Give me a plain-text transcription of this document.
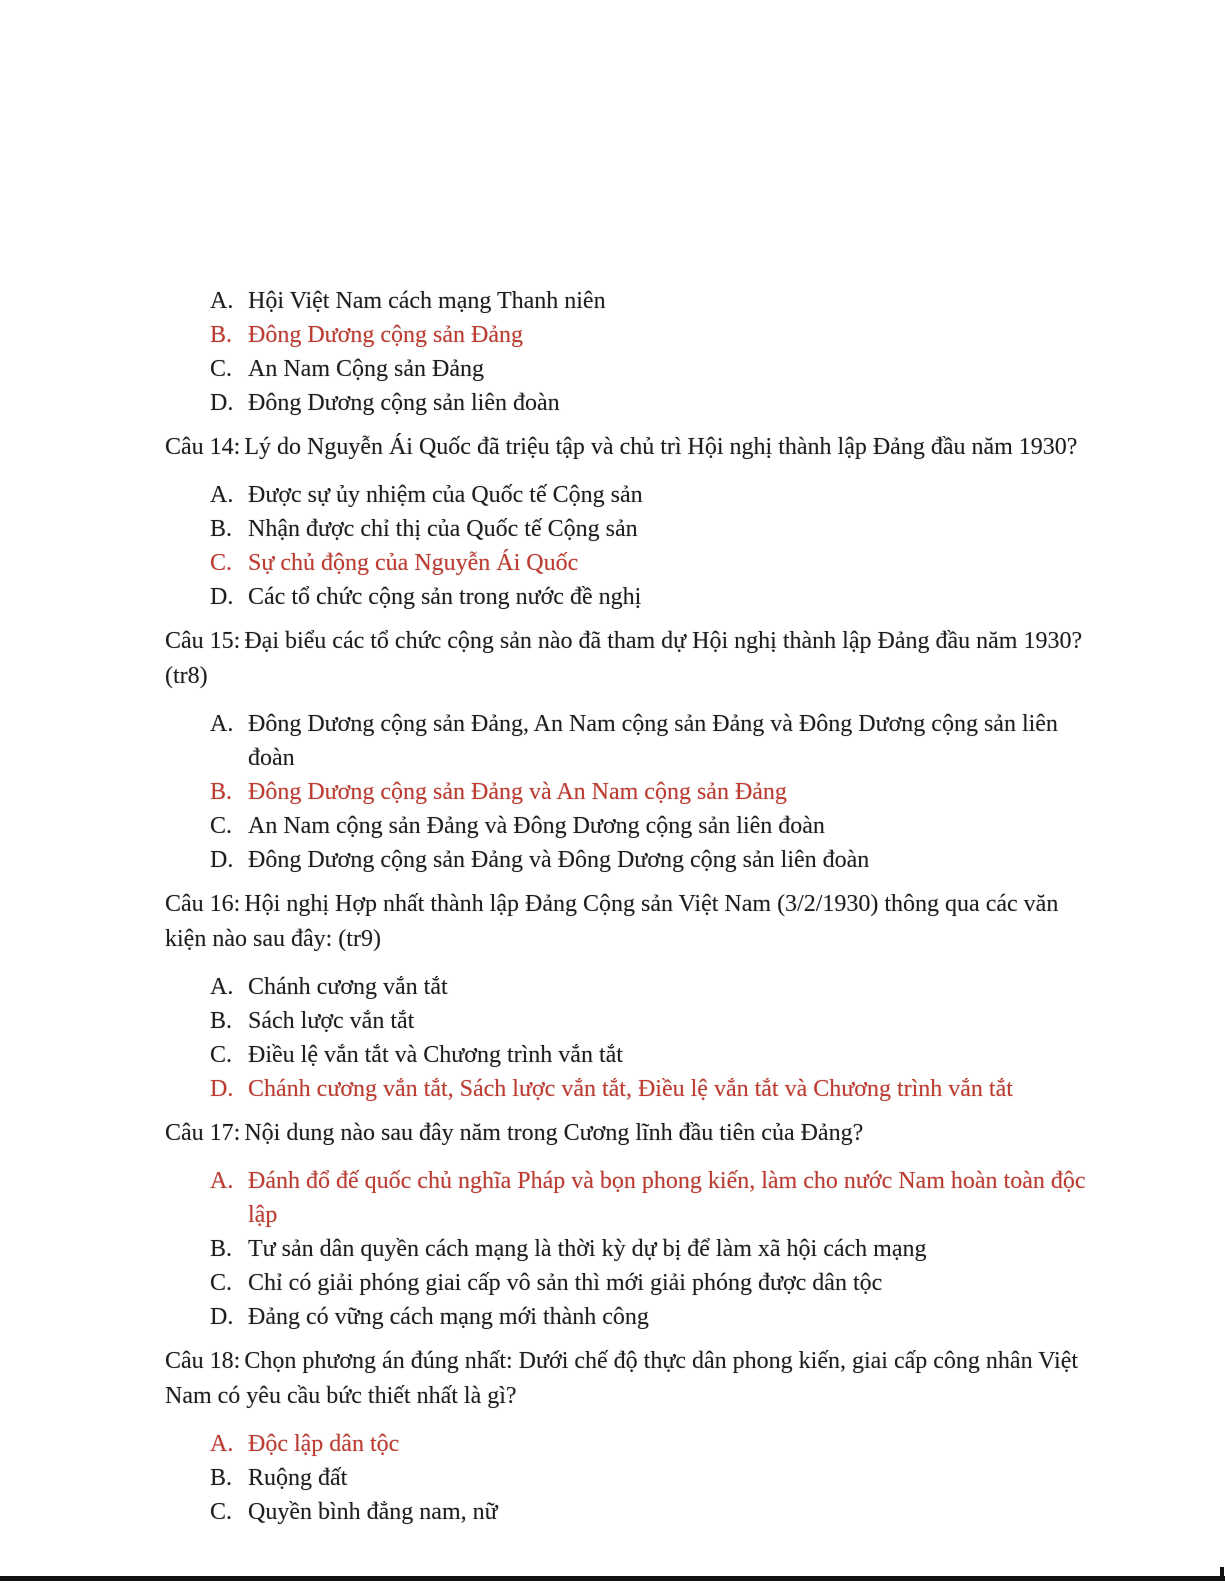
A. Hội Việt Nam cách mạng Thanh niên
B. Đông Dương cộng sản Đảng
C. An Nam Cộng sản Đảng
D. Đông Dương cộng sản liên đoàn

Câu 14: Lý do Nguyễn Ái Quốc đã triệu tập và chủ trì Hội nghị thành lập Đảng đầu năm 1930?

A. Được sự ủy nhiệm của Quốc tế Cộng sản
B. Nhận được chỉ thị của Quốc tế Cộng sản
C. Sự chủ động của Nguyễn Ái Quốc
D. Các tổ chức cộng sản trong nước đề nghị

Câu 15: Đại biểu các tổ chức cộng sản nào đã tham dự Hội nghị thành lập Đảng đầu năm 1930? (tr8)

A. Đông Dương cộng sản Đảng, An Nam cộng sản Đảng và Đông Dương cộng sản liên đoàn
B. Đông Dương cộng sản Đảng và An Nam cộng sản Đảng
C. An Nam cộng sản Đảng và Đông Dương cộng sản liên đoàn
D. Đông Dương cộng sản Đảng và Đông Dương cộng sản liên đoàn

Câu 16: Hội nghị Hợp nhất thành lập Đảng Cộng sản Việt Nam (3/2/1930) thông qua các văn kiện nào sau đây: (tr9)

A. Chánh cương vắn tắt
B. Sách lược vắn tắt
C. Điều lệ vắn tắt và Chương trình vắn tắt
D. Chánh cương vắn tắt, Sách lược vắn tắt, Điều lệ vắn tắt và Chương trình vắn tắt

Câu 17: Nội dung nào sau đây năm trong Cương lĩnh đầu tiên của Đảng?

A. Đánh đổ đế quốc chủ nghĩa Pháp và bọn phong kiến, làm cho nước Nam hoàn toàn độc lập
B. Tư sản dân quyền cách mạng là thời kỳ dự bị để làm xã hội cách mạng
C. Chỉ có giải phóng giai cấp vô sản thì mới giải phóng được dân tộc
D. Đảng có vững cách mạng mới thành công

Câu 18: Chọn phương án đúng nhất: Dưới chế độ thực dân phong kiến, giai cấp công nhân Việt Nam có yêu cầu bức thiết nhất là gì?

A. Độc lập dân tộc
B. Ruộng đất
C. Quyền bình đẳng nam, nữ
